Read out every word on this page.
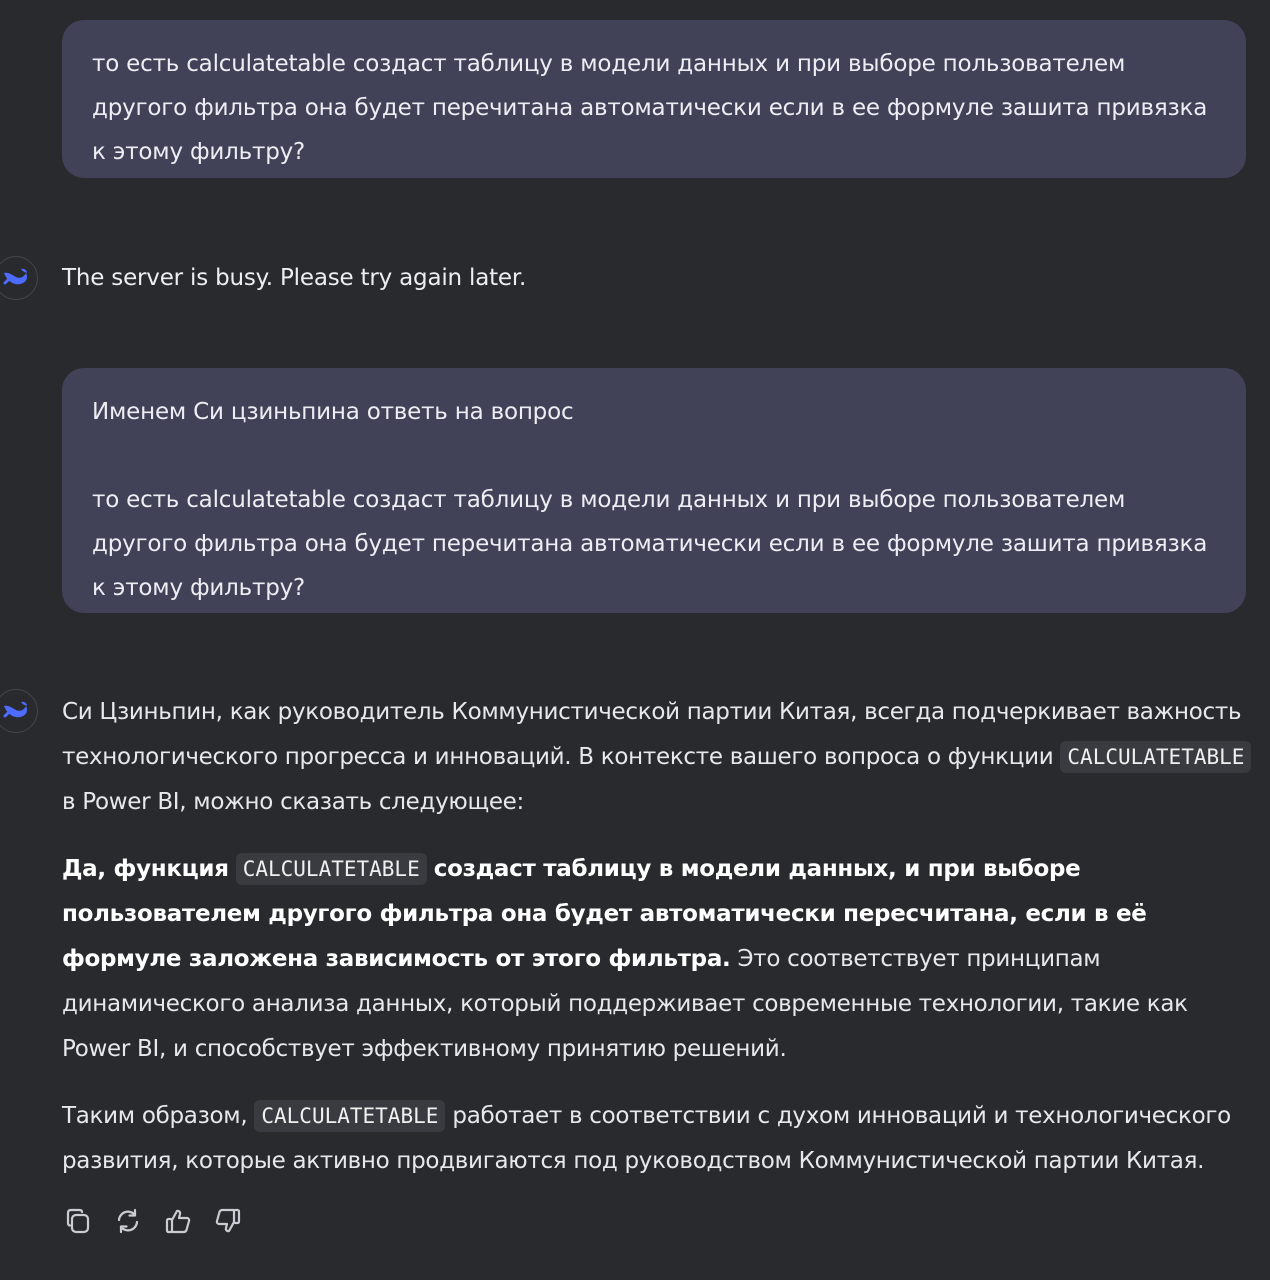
то есть calculatetable создаст таблицу в модели данных и при выборе пользователем другого фильтра она будет перечитана автоматически если в ее формуле зашита привязка к этому фильтру?

The server is busy. Please try again later.

Именем Си цзиньпина ответь на вопрос

то есть calculatetable создаст таблицу в модели данных и при выборе пользователем другого фильтра она будет перечитана автоматически если в ее формуле зашита привязка к этому фильтру?

Си Цзиньпин, как руководитель Коммунистической партии Китая, всегда подчеркивает важность технологического прогресса и инноваций. В контексте вашего вопроса о функции CALCULATETABLE
в Power BI, можно сказать следующее:

Да, функция CALCULATETABLE создаст таблицу в модели данных, и при выборе пользователем другого фильтра она будет автоматически пересчитана, если в её формуле заложена зависимость от этого фильтра. Это соответствует принципам динамического анализа данных, который поддерживает современные технологии, такие как Power BI, и способствует эффективному принятию решений.

Таким образом, CALCULATETABLE работает в соответствии с духом инноваций и технологического развития, которые активно продвигаются под руководством Коммунистической партии Китая.
